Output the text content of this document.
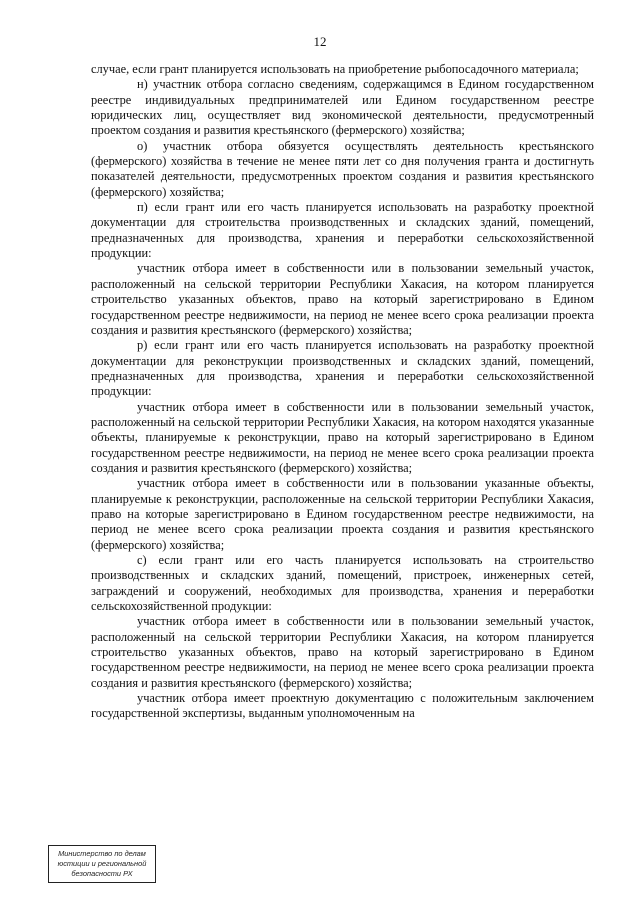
12

случае, если грант планируется использовать на приобретение рыбопосадочного материала;

н) участник отбора согласно сведениям, содержащимся в Едином государственном реестре индивидуальных предпринимателей или Едином государственном реестре юридических лиц, осуществляет вид экономической деятельности, предусмотренный проектом создания и развития крестьянского (фермерского) хозяйства;

о) участник отбора обязуется осуществлять деятельность крестьянского (фермерского) хозяйства в течение не менее пяти лет со дня получения гранта и достигнуть показателей деятельности, предусмотренных проектом создания и развития крестьянского (фермерского) хозяйства;

п) если грант или его часть планируется использовать на разработку проектной документации для строительства производственных и складских зданий, помещений, предназначенных для производства, хранения и переработки сельскохозяйственной продукции:

участник отбора имеет в собственности или в пользовании земельный участок, расположенный на сельской территории Республики Хакасия, на котором планируется строительство указанных объектов, право на который зарегистрировано в Едином государственном реестре недвижимости, на период не менее всего срока реализации проекта создания и развития крестьянского (фермерского) хозяйства;

р) если грант или его часть планируется использовать на разработку проектной документации для реконструкции производственных и складских зданий, помещений, предназначенных для производства, хранения и переработки сельскохозяйственной продукции:

участник отбора имеет в собственности или в пользовании земельный участок, расположенный на сельской территории Республики Хакасия, на котором находятся указанные объекты, планируемые к реконструкции, право на который зарегистрировано в Едином государственном реестре недвижимости, на период не менее всего срока реализации проекта создания и развития крестьянского (фермерского) хозяйства;

участник отбора имеет в собственности или в пользовании указанные объекты, планируемые к реконструкции, расположенные на сельской территории Республики Хакасия, право на которые зарегистрировано в Едином государственном реестре недвижимости, на период не менее всего срока реализации проекта создания и развития крестьянского (фермерского) хозяйства;

с) если грант или его часть планируется использовать на строительство производственных и складских зданий, помещений, пристроек, инженерных сетей, заграждений и сооружений, необходимых для производства, хранения и переработки сельскохозяйственной продукции:

участник отбора имеет в собственности или в пользовании земельный участок, расположенный на сельской территории Республики Хакасия, на котором планируется строительство указанных объектов, право на который зарегистрировано в Едином государственном реестре недвижимости, на период не менее всего срока реализации проекта создания и развития крестьянского (фермерского) хозяйства;

участник отбора имеет проектную документацию с положительным заключением государственной экспертизы, выданным уполномоченным на

Министерство по делам
юстиции и региональной
безопасности РХ
